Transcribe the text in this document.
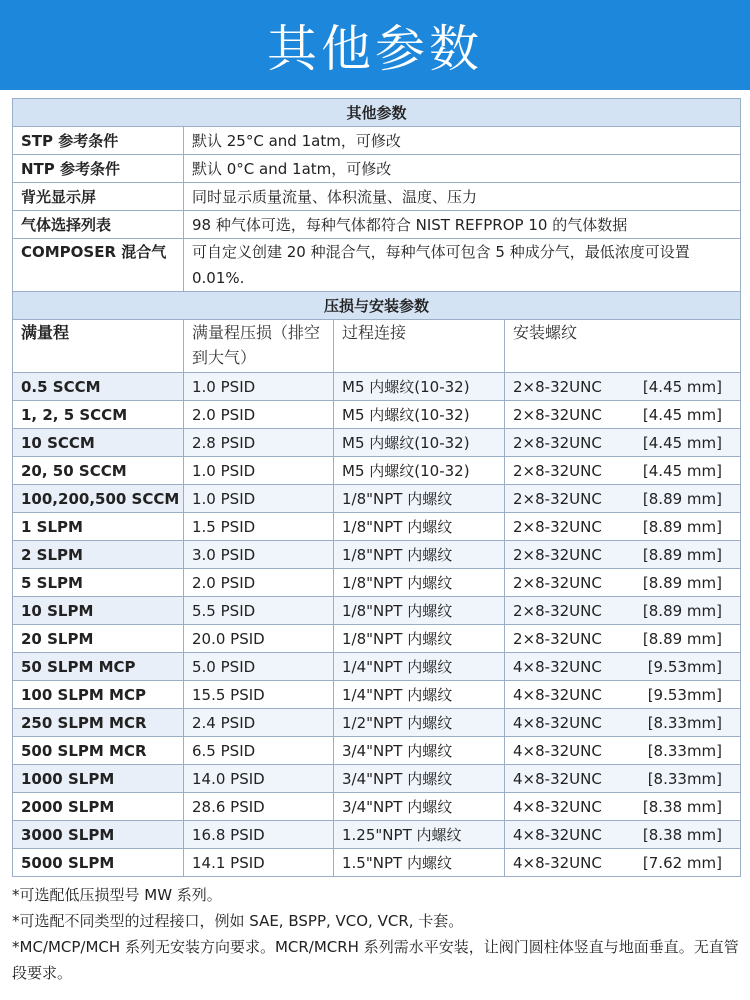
其他参数
其他参数			
STP 参考条件	默认 25°C and 1atm，可修改		
NTP 参考条件	默认 0°C and 1atm，可修改		
背光显示屏	同时显示质量流量、体积流量、温度、压力		
气体选择列表	98 种气体可选，每种气体都符合 NIST REFPROP 10 的气体数据		
COMPOSER 混合气	可自定义创建 20 种混合气，每种气体可包含 5 种成分气，最低浓度可设置 0.01%.		
压损与安装参数			
满量程	满量程压损（排空到大气）	过程连接	安装螺纹
0.5 SCCM	1.0 PSID	M5 内螺纹(10-32)	2×8-32UNC [4.45 mm]

1, 2, 5 SCCM	2.0 PSID	M5 内螺纹(10-32)	2×8-32UNC [4.45 mm]

10 SCCM	2.8 PSID	M5 内螺纹(10-32)	2×8-32UNC [4.45 mm]

20, 50 SCCM	1.0 PSID	M5 内螺纹(10-32)	2×8-32UNC [4.45 mm]

100,200,500 SCCM	1.0 PSID	1/8"NPT 内螺纹	2×8-32UNC [8.89 mm]

1 SLPM	1.5 PSID	1/8"NPT 内螺纹	2×8-32UNC [8.89 mm]

2 SLPM	3.0 PSID	1/8"NPT 内螺纹	2×8-32UNC [8.89 mm]

5 SLPM	2.0 PSID	1/8"NPT 内螺纹	2×8-32UNC [8.89 mm]

10 SLPM	5.5 PSID	1/8"NPT 内螺纹	2×8-32UNC [8.89 mm]

20 SLPM	20.0 PSID	1/8"NPT 内螺纹	2×8-32UNC [8.89 mm]

50 SLPM MCP	5.0 PSID	1/4"NPT 内螺纹	4×8-32UNC [9.53mm]

100 SLPM MCP	15.5 PSID	1/4"NPT 内螺纹	4×8-32UNC [9.53mm]

250 SLPM MCR	2.4 PSID	1/2"NPT 内螺纹	4×8-32UNC [8.33mm]

500 SLPM MCR	6.5 PSID	3/4"NPT 内螺纹	4×8-32UNC [8.33mm]

1000 SLPM	14.0 PSID	3/4"NPT 内螺纹	4×8-32UNC [8.33mm]

2000 SLPM	28.6 PSID	3/4"NPT 内螺纹	4×8-32UNC [8.38 mm]

3000 SLPM	16.8 PSID	1.25"NPT 内螺纹	4×8-32UNC [8.38 mm]

5000 SLPM	14.1 PSID	1.5"NPT 内螺纹	4×8-32UNC [7.62 mm]
*可选配低压损型号 MW 系列。
*可选配不同类型的过程接口，例如 SAE, BSPP, VCO, VCR, 卡套。
*MC/MCP/MCH 系列无安装方向要求。MCR/MCRH 系列需水平安装，让阀门圆柱体竖直与地面垂直。无直管段要求。
